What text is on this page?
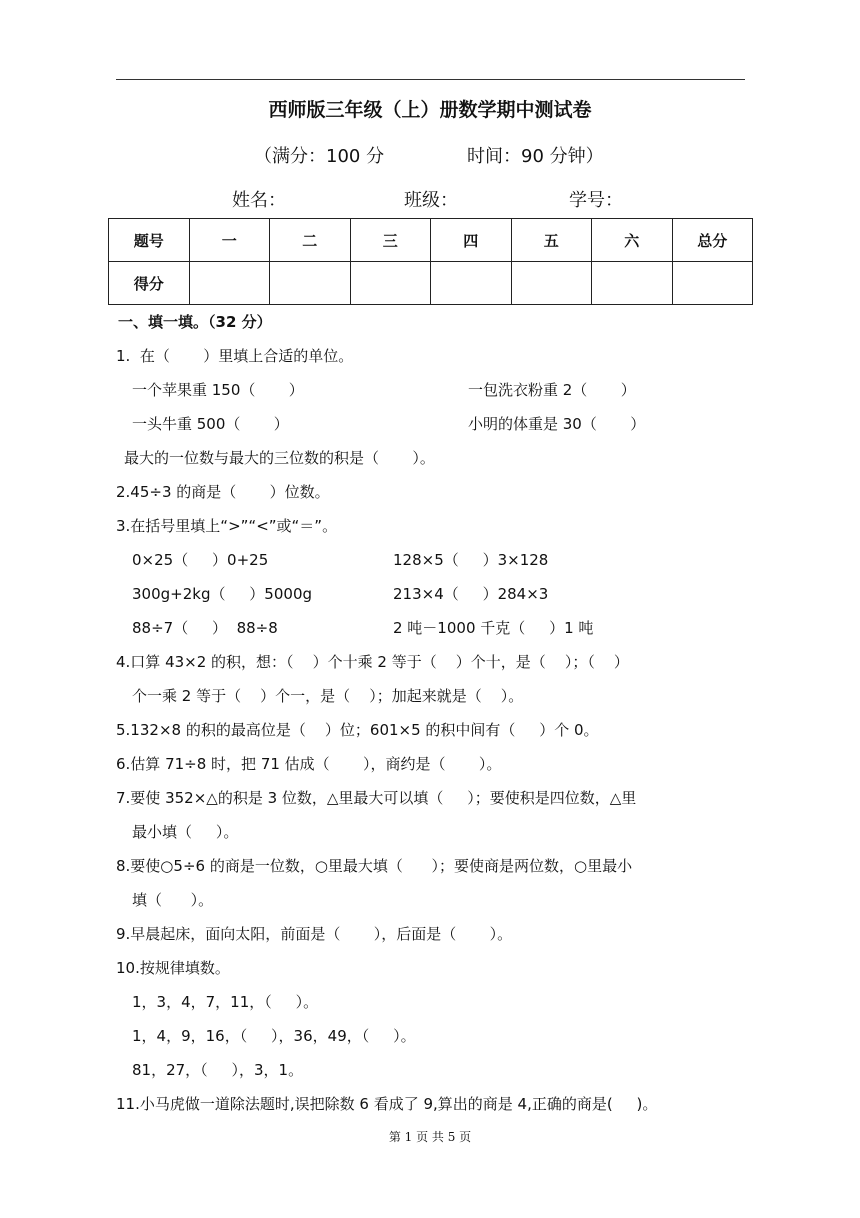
西师版三年级（上）册数学期中测试卷
（满分：100 分	时间：90 分钟）
姓名：	班级：	学号：
题号	一	二	三	四	五	六	总分
得分							
一、填一填。（32 分）
1.  在（       ）里填上合适的单位。
一个苹果重 150（       ）	一包洗衣粉重 2（       ）
一头牛重 500（       ）	小明的体重是 30（       ）
最大的一位数与最大的三位数的积是（       ）。
2.45÷3 的商是（       ）位数。
3.在括号里填上“>”“<”或“＝”。
0×25（     ）0+25	128×5（     ）3×128
300g+2kg（     ）5000g	213×4（     ）284×3
88÷7（     ）  88÷8	2 吨－1000 千克（     ）1 吨
4.口算 43×2 的积，想：（    ）个十乘 2 等于（    ）个十，是（    ）；（    ）
个一乘 2 等于（    ）个一，是（    ）；加起来就是（    ）。
5.132×8 的积的最高位是（    ）位；601×5 的积中间有（     ）个 0。
6.估算 71÷8 时，把 71 估成（       ），商约是（       ）。
7.要使 352×△的积是 3 位数，△里最大可以填（     ）；要使积是四位数，△里
最小填（     ）。
8.要使○5÷6 的商是一位数，○里最大填（      ）；要使商是两位数，○里最小
填（      ）。
9.早晨起床，面向太阳，前面是（       ），后面是（       ）。
10.按规律填数。
1，3，4，7，11，（     ）。
1，4，9，16，（     ），36，49，（     ）。
81，27，（     ），3，1。
11.小马虎做一道除法题时,误把除数 6 看成了 9,算出的商是 4,正确的商是(     )。
第 1 页 共 5 页
